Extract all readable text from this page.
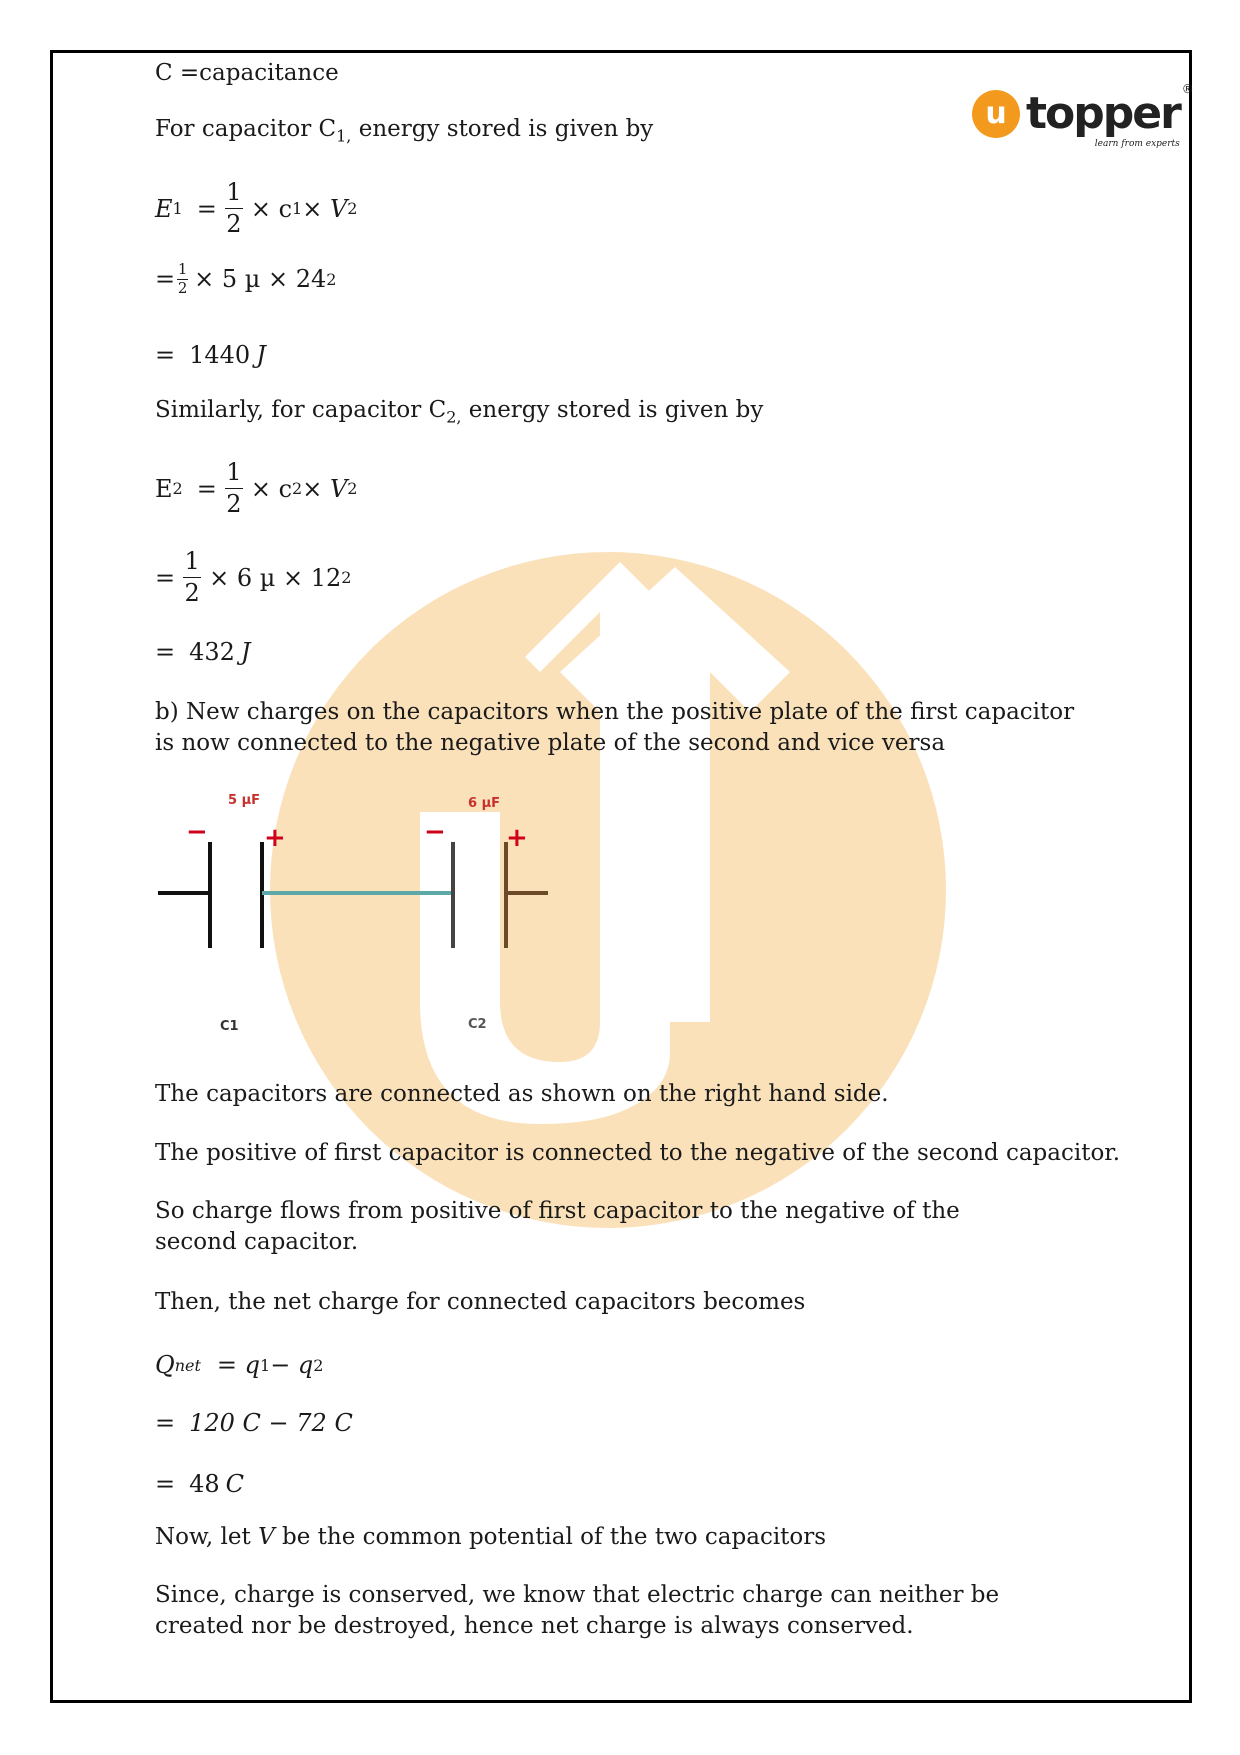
u topper ®
learn from experts
C =capacitance
For capacitor $C_{1,}$ energy stored is given by
E $1 = \frac{1}{2} \times c$ 1 × V 2
= $\frac{1}{2} \times 5$ µ × 24 2
= 1440 J
Similarly, for capacitor $C_{2,}$ energy stored is given by
E $2 = \frac{1}{2} \times c$ 2 × V 2
= $\frac{1}{2} \times 6$ µ × 12 2
= 432 J
b) New charges on the capacitors when the positive plate of the first capacitor is now connected to the negative plate of the second and vice versa
5 µF	6 µF
− +	− +
C1	C2
The capacitors are connected as shown on the right hand side.
The positive of first capacitor is connected to the negative of the second capacitor.
So charge flows from positive of first capacitor to the negative of the second capacitor.
Then, the net charge for connected capacitors becomes
Q net = q 1 − q 2
= 120 C − 72 C
= 48 C
Now, let V be the common potential of the two capacitors
Since, charge is conserved, we know that electric charge can neither be created nor be destroyed, hence net charge is always conserved.
